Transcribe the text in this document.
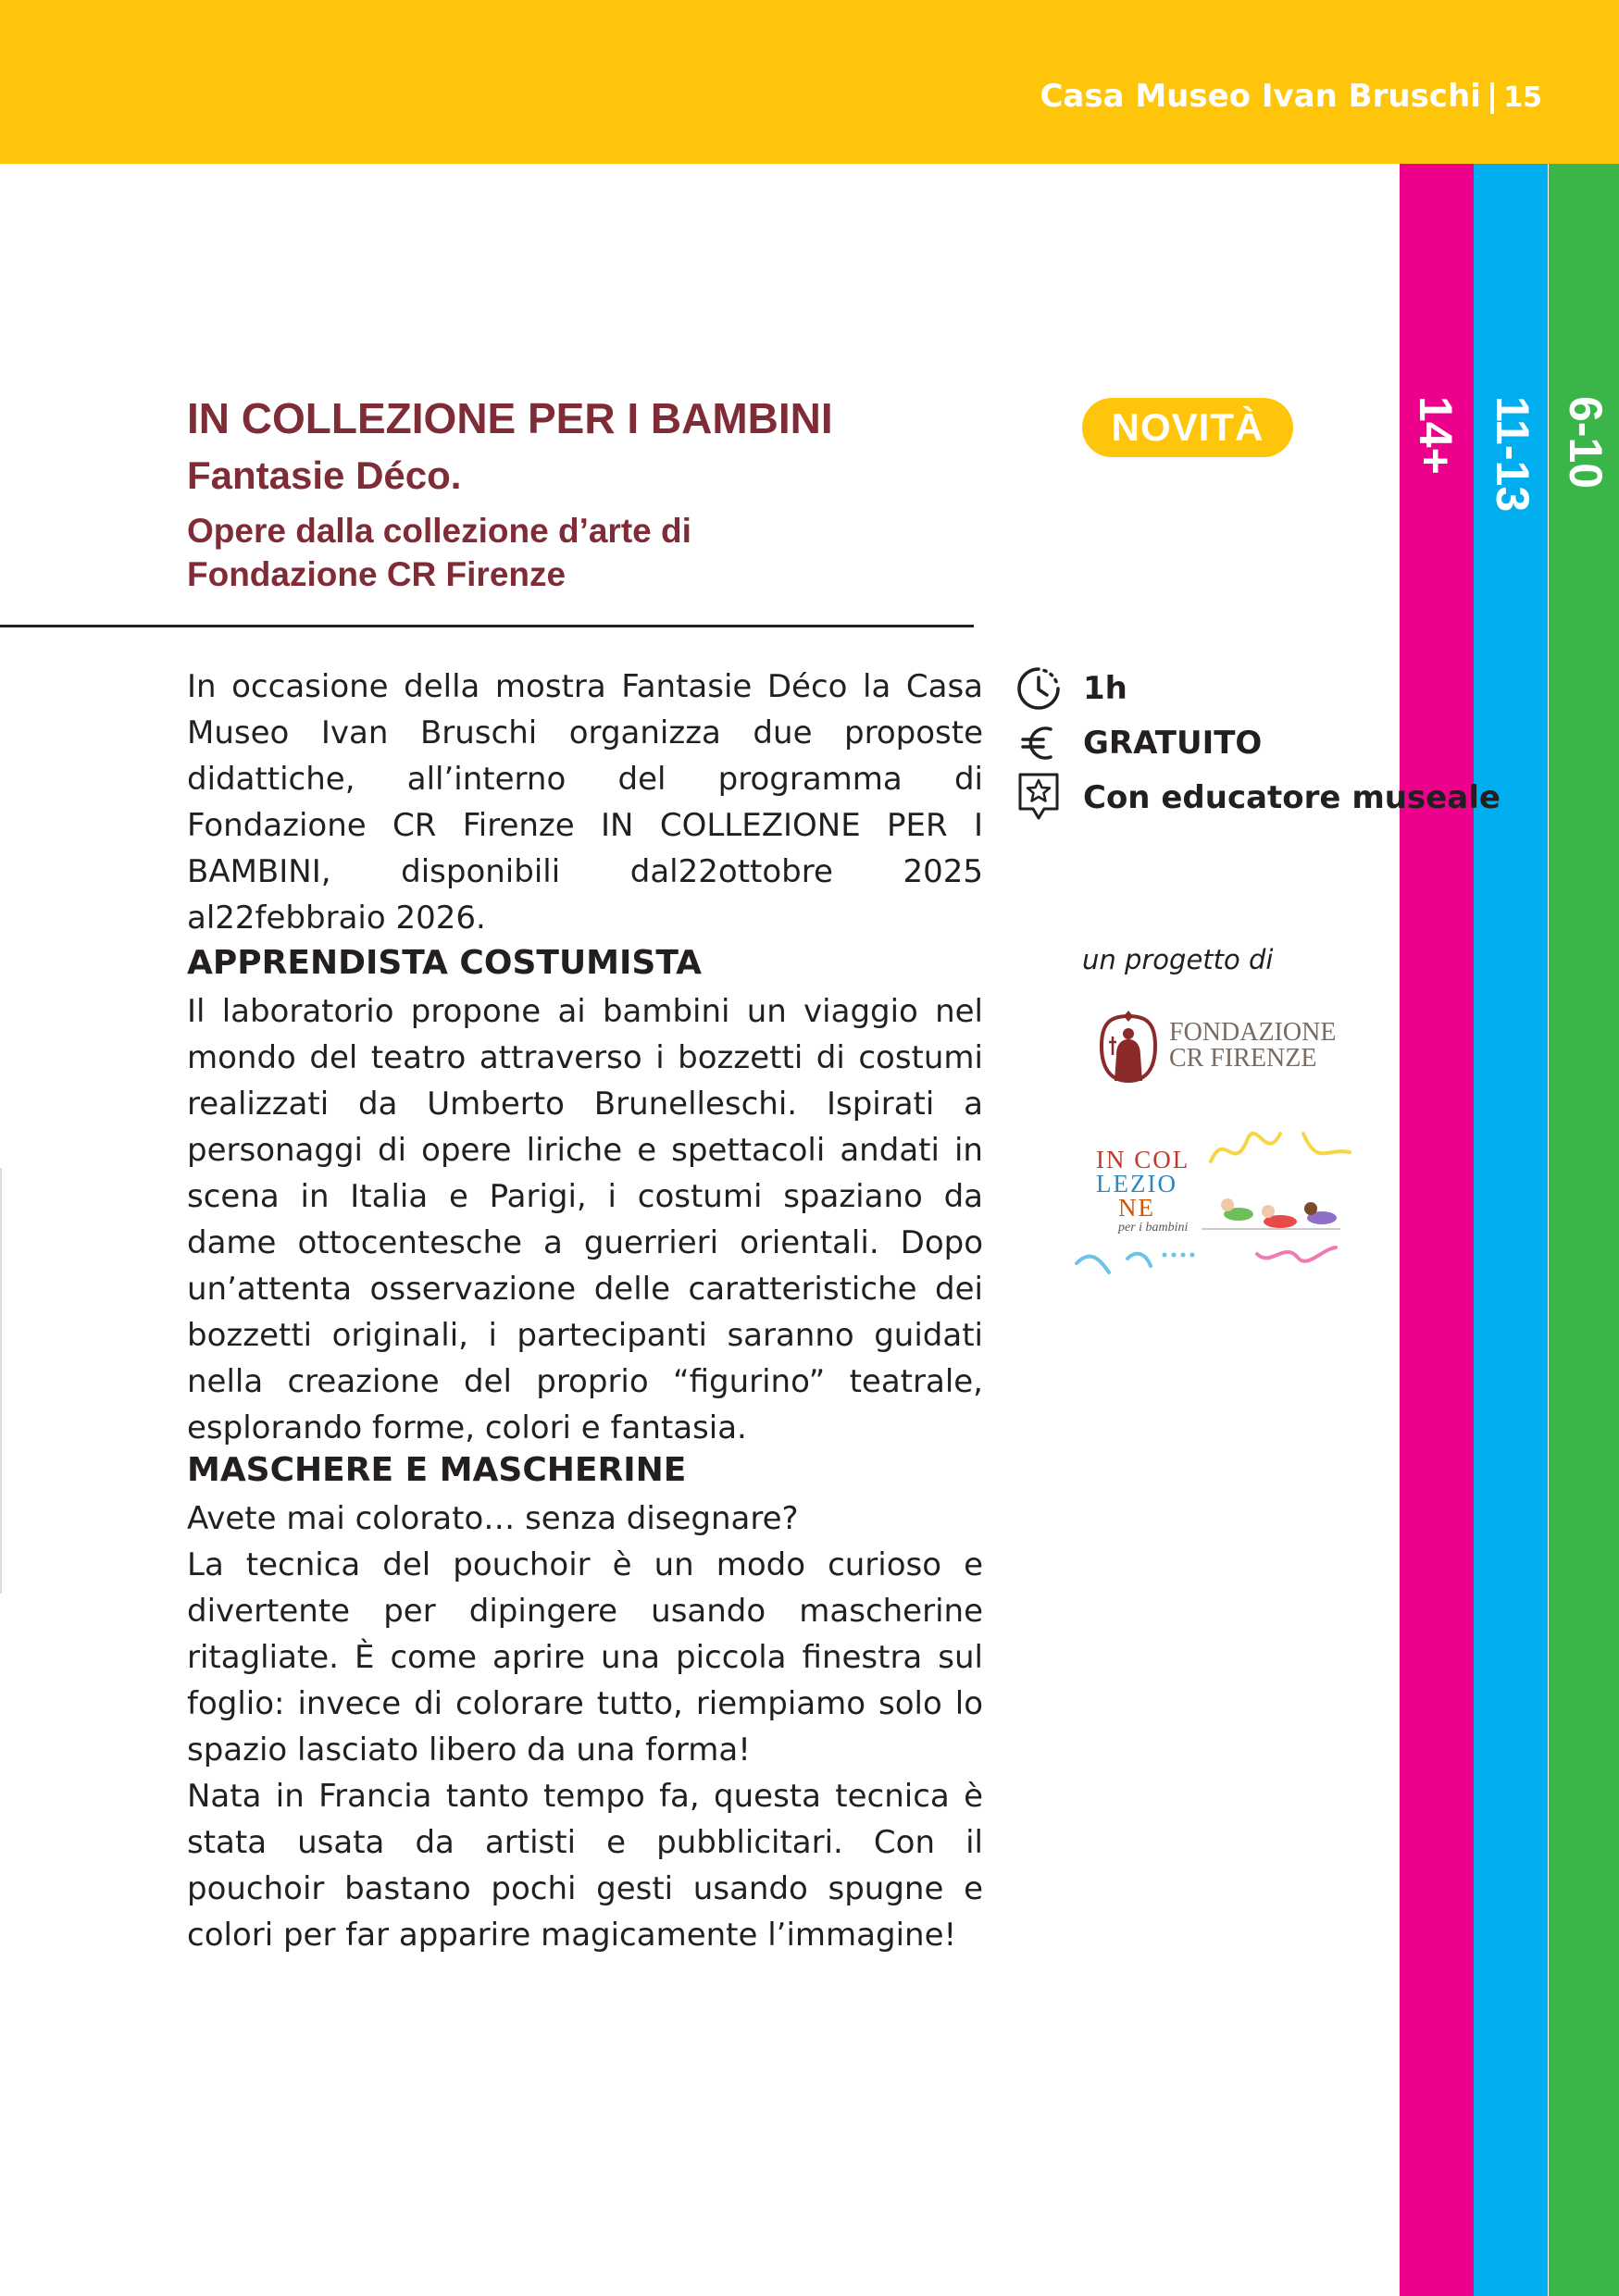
Casa Museo Ivan Bruschi | 15
14+ 11-13 6-10
IN COLLEZIONE PER I BAMBINI
Fantasie Déco.
Opere dalla collezione d’arte di Fondazione CR Firenze
NOVITÀ
In occasione della mostra Fantasie Déco la Casa Museo Ivan Bruschi organizza due proposte didattiche, all’interno del programma di Fondazione CR Firenze IN COLLEZIONE PER I BAMBINI, disponibili dal22ottobre 2025 al22febbraio 2026.
1h
GRATUITO
Con educatore museale
un progetto di
FONDAZIONE
CR FIRENZE
IN COL
LEZIO
NE
per i bambini
APPRENDISTA COSTUMISTA

Il laboratorio propone ai bambini un viaggio nel mondo del teatro attraverso i bozzetti di costumi realizzati da Umberto Brunelleschi. Ispirati a personaggi di opere liriche e spettacoli andati in scena in Italia e Parigi, i costumi spaziano da dame ottocentesche a guerrieri orientali. Dopo un’attenta osservazione delle caratteristiche dei bozzetti originali, i partecipanti saranno guidati nella creazione del proprio “figurino” teatrale, esplorando forme, colori e fantasia.

MASCHERE E MASCHERINE

Avete mai colorato… senza disegnare?

La tecnica del pouchoir è un modo curioso e divertente per dipingere usando mascherine ritagliate. È come aprire una piccola finestra sul foglio: invece di colorare tutto, riempiamo solo lo spazio lasciato libero da una forma!

Nata in Francia tanto tempo fa, questa tecnica è stata usata da artisti e pubblicitari. Con il pouchoir bastano pochi gesti usando spugne e colori per far apparire magicamente l’immagine!
